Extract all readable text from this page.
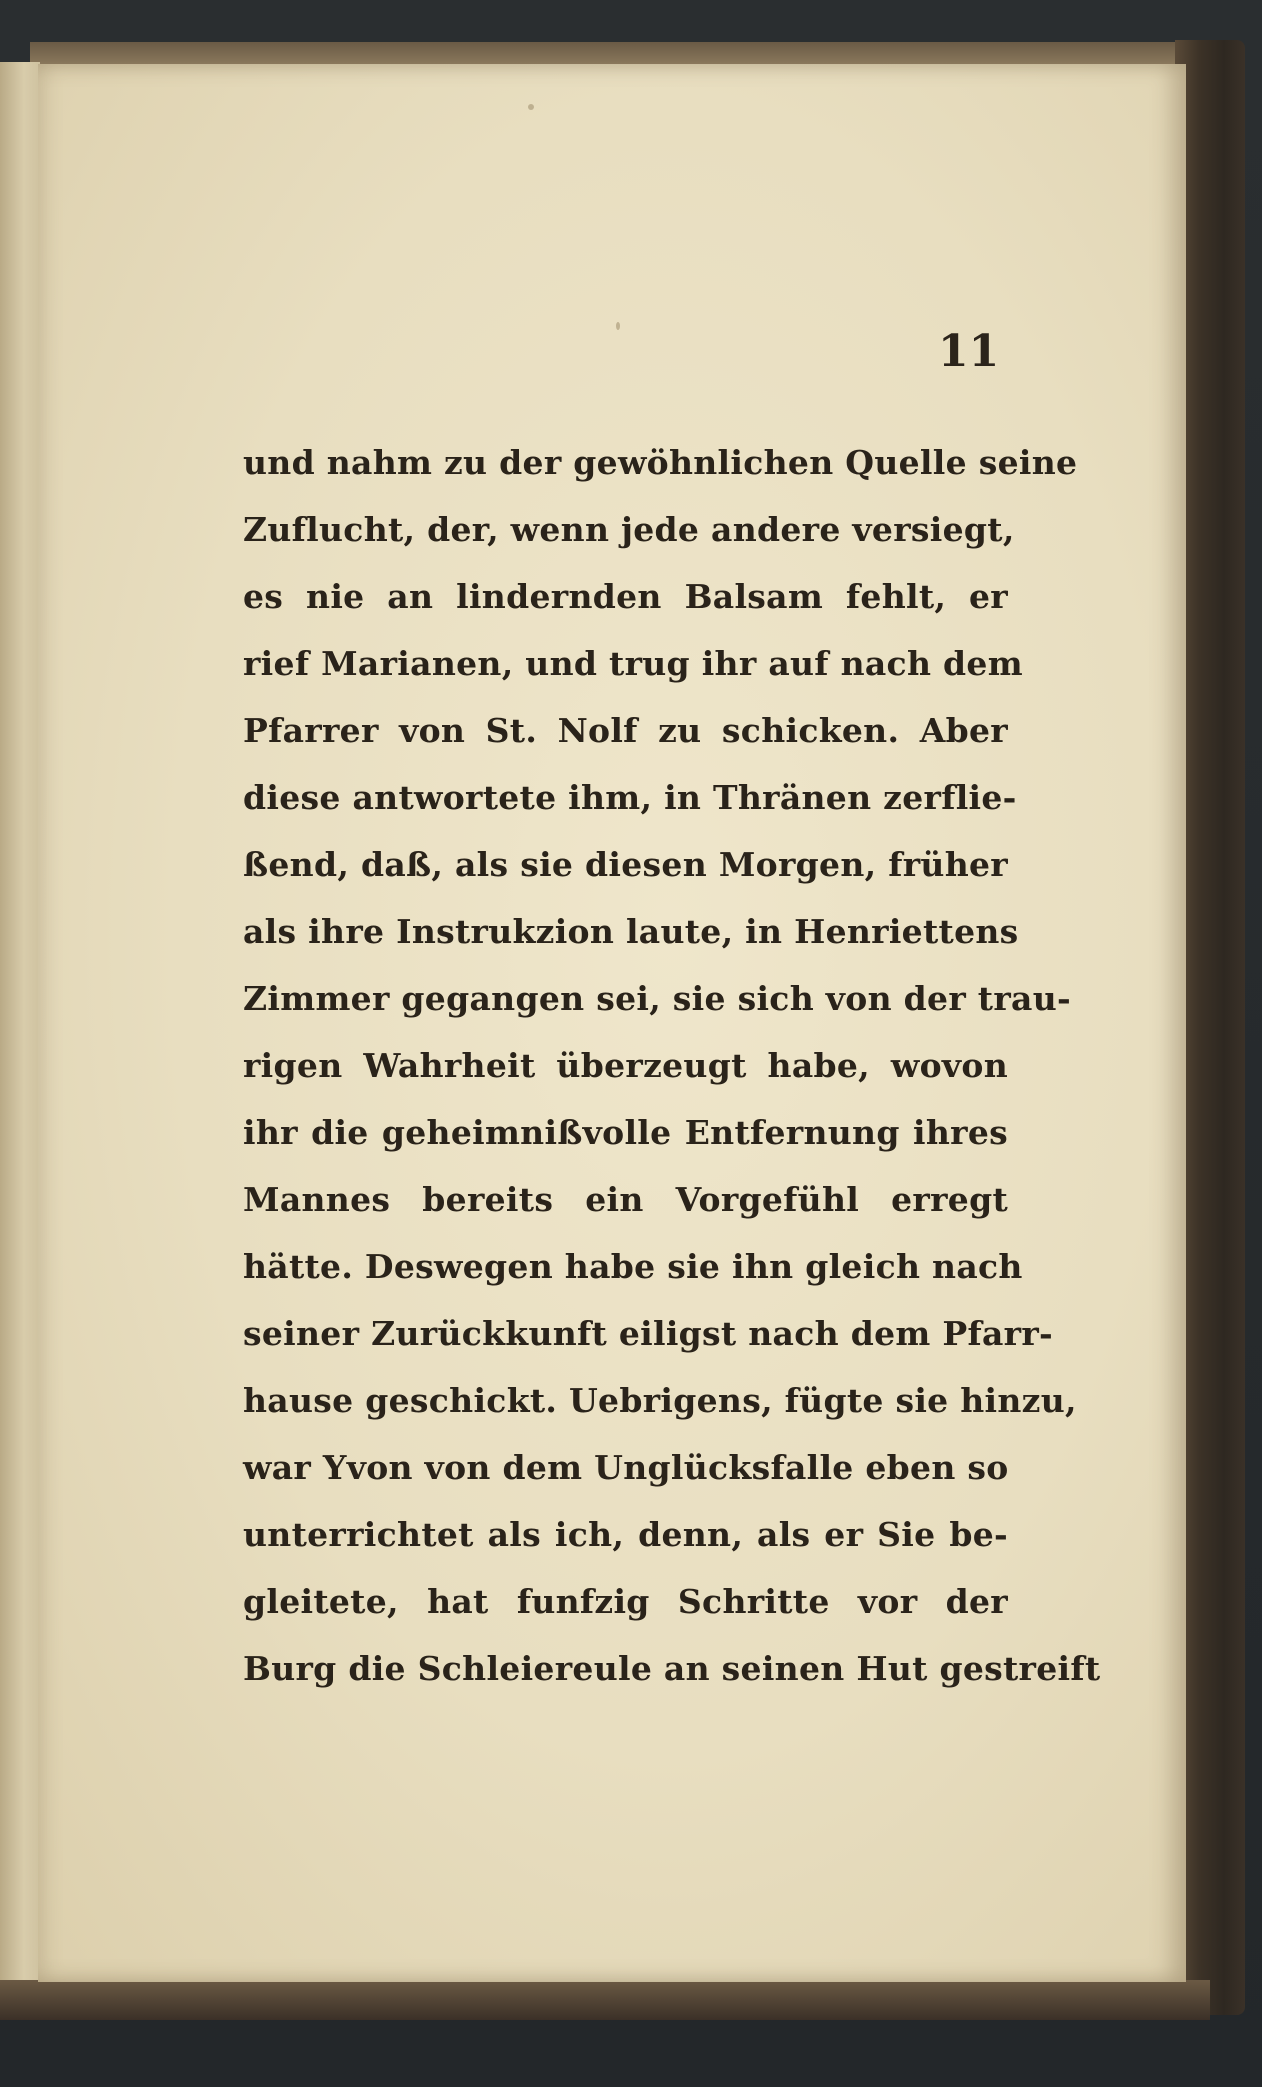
11
und nahm zu der gewöhnlichen Quelle seine
Zuflucht, der, wenn jede andere versiegt,
es nie an lindernden Balsam fehlt, er
rief Marianen, und trug ihr auf nach dem
Pfarrer von St. Nolf zu schicken. Aber
diese antwortete ihm, in Thränen zerflie-
ßend, daß, als sie diesen Morgen, früher
als ihre Instrukzion laute, in Henriettens
Zimmer gegangen sei, sie sich von der trau-
rigen Wahrheit überzeugt habe, wovon
ihr die geheimnißvolle Entfernung ihres
Mannes bereits ein Vorgefühl erregt
hätte. Deswegen habe sie ihn gleich nach
seiner Zurückkunft eiligst nach dem Pfarr-
hause geschickt. Uebrigens, fügte sie hinzu,
war Yvon von dem Unglücksfalle eben so
unterrichtet als ich, denn, als er Sie be-
gleitete, hat funfzig Schritte vor der
Burg die Schleiereule an seinen Hut gestreift
